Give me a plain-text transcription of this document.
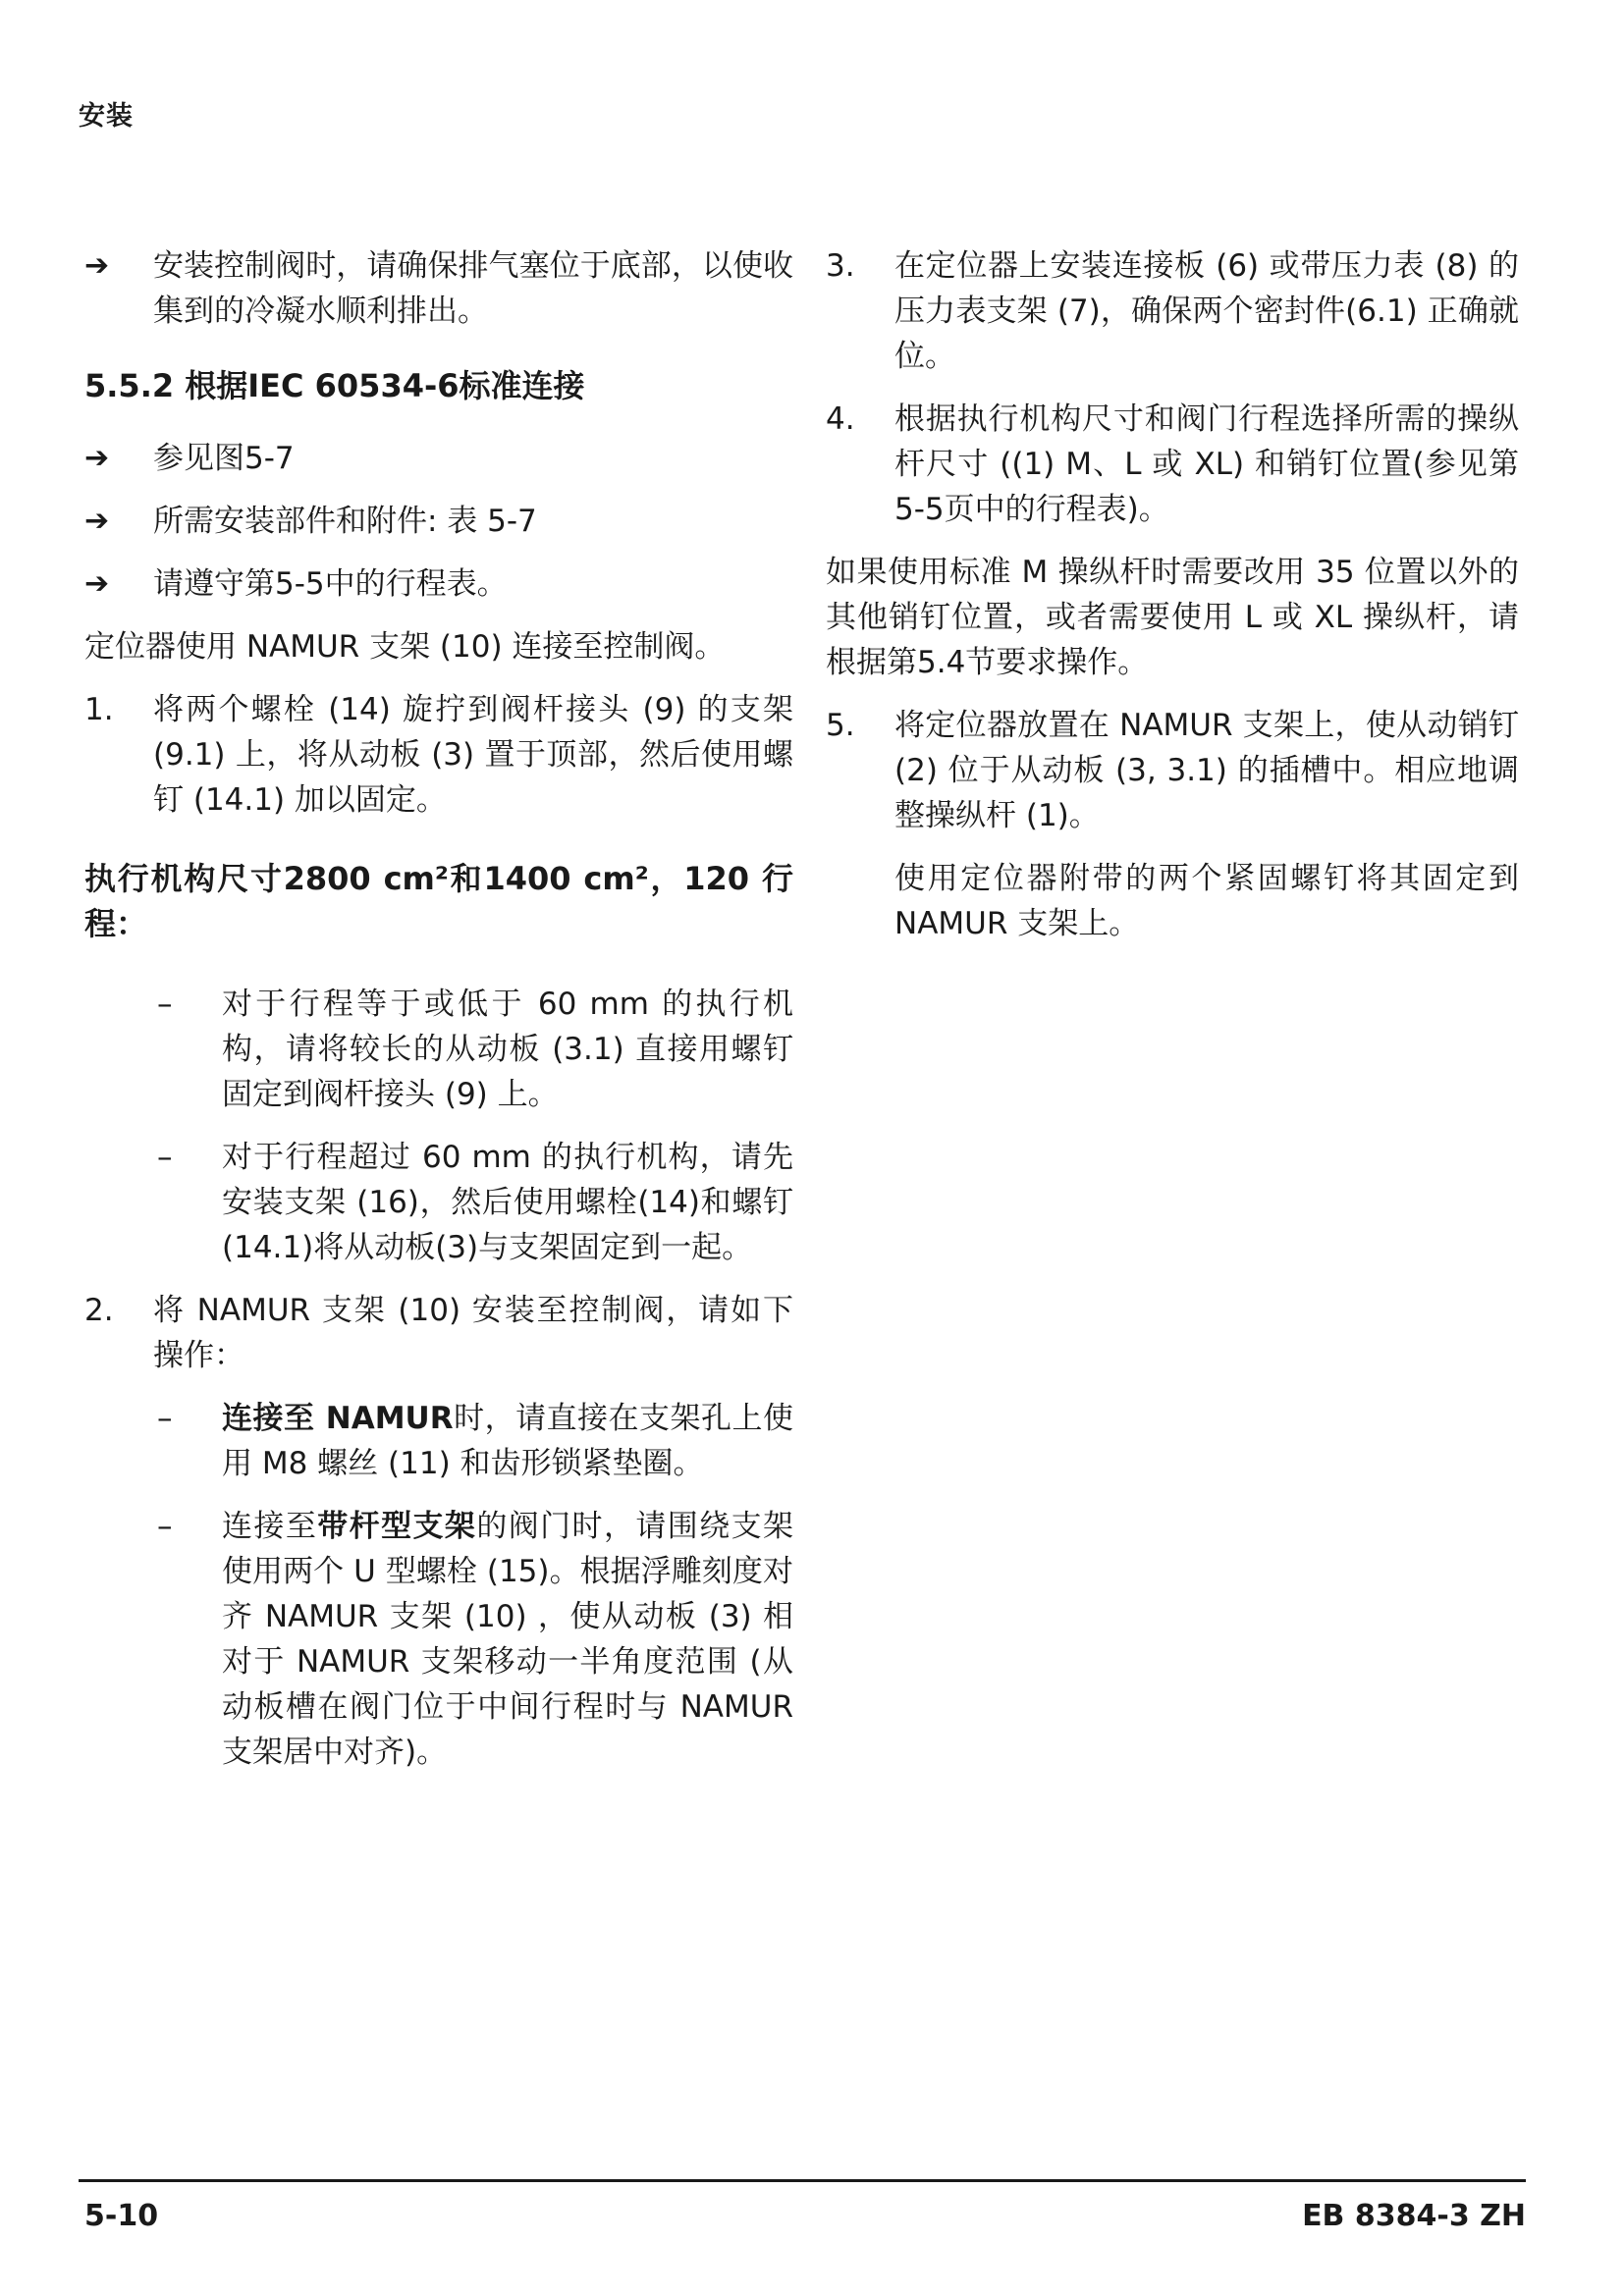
安装
➔	安装控制阀时，请确保排气塞位于底部，以使收集到的冷凝水顺利排出。
5.5.2 根据IEC 60534-6标准连接
➔	参见图5-7
➔	所需安装部件和附件: 表 5-7
➔	请遵守第5-5中的行程表。

定位器使用 NAMUR 支架 (10) 连接至控制阀。

1.	将两个螺栓 (14) 旋拧到阀杆接头 (9) 的支架 (9.1) 上，将从动板 (3) 置于顶部，然后使用螺钉 (14.1) 加以固定。

执行机构尺寸2800 cm²和1400 cm²，120 行程：

–	对于行程等于或低于 60 mm 的执行机构，请将较长的从动板 (3.1) 直接用螺钉固定到阀杆接头 (9) 上。
–	对于行程超过 60 mm 的执行机构，请先安装支架 (16)，然后使用螺栓(14)和螺钉(14.1)将从动板(3)与支架固定到一起。
2.	将 NAMUR 支架 (10) 安装至控制阀，请如下操作：
–	连接至 NAMUR时，请直接在支架孔上使用 M8 螺丝 (11) 和齿形锁紧垫圈。
–	连接至带杆型支架的阀门时，请围绕支架使用两个 U 型螺栓 (15)。根据浮雕刻度对齐 NAMUR 支架 (10) ，使从动板 (3) 相对于 NAMUR 支架移动一半角度范围 (从动板槽在阀门位于中间行程时与 NAMUR 支架居中对齐)。
3.	在定位器上安装连接板 (6) 或带压力表 (8) 的压力表支架 (7)，确保两个密封件(6.1) 正确就位。
4.	根据执行机构尺寸和阀门行程选择所需的操纵杆尺寸 ((1) M、L 或 XL) 和销钉位置(参见第5-5页中的行程表)。

如果使用标准 M 操纵杆时需要改用 35 位置以外的其他销钉位置，或者需要使用 L 或 XL 操纵杆，请根据第5.4节要求操作。

5.	将定位器放置在 NAMUR 支架上，使从动销钉 (2) 位于从动板 (3, 3.1) 的插槽中。相应地调整操纵杆 (1)。

使用定位器附带的两个紧固螺钉将其固定到 NAMUR 支架上。

5-10	EB 8384-3 ZH
